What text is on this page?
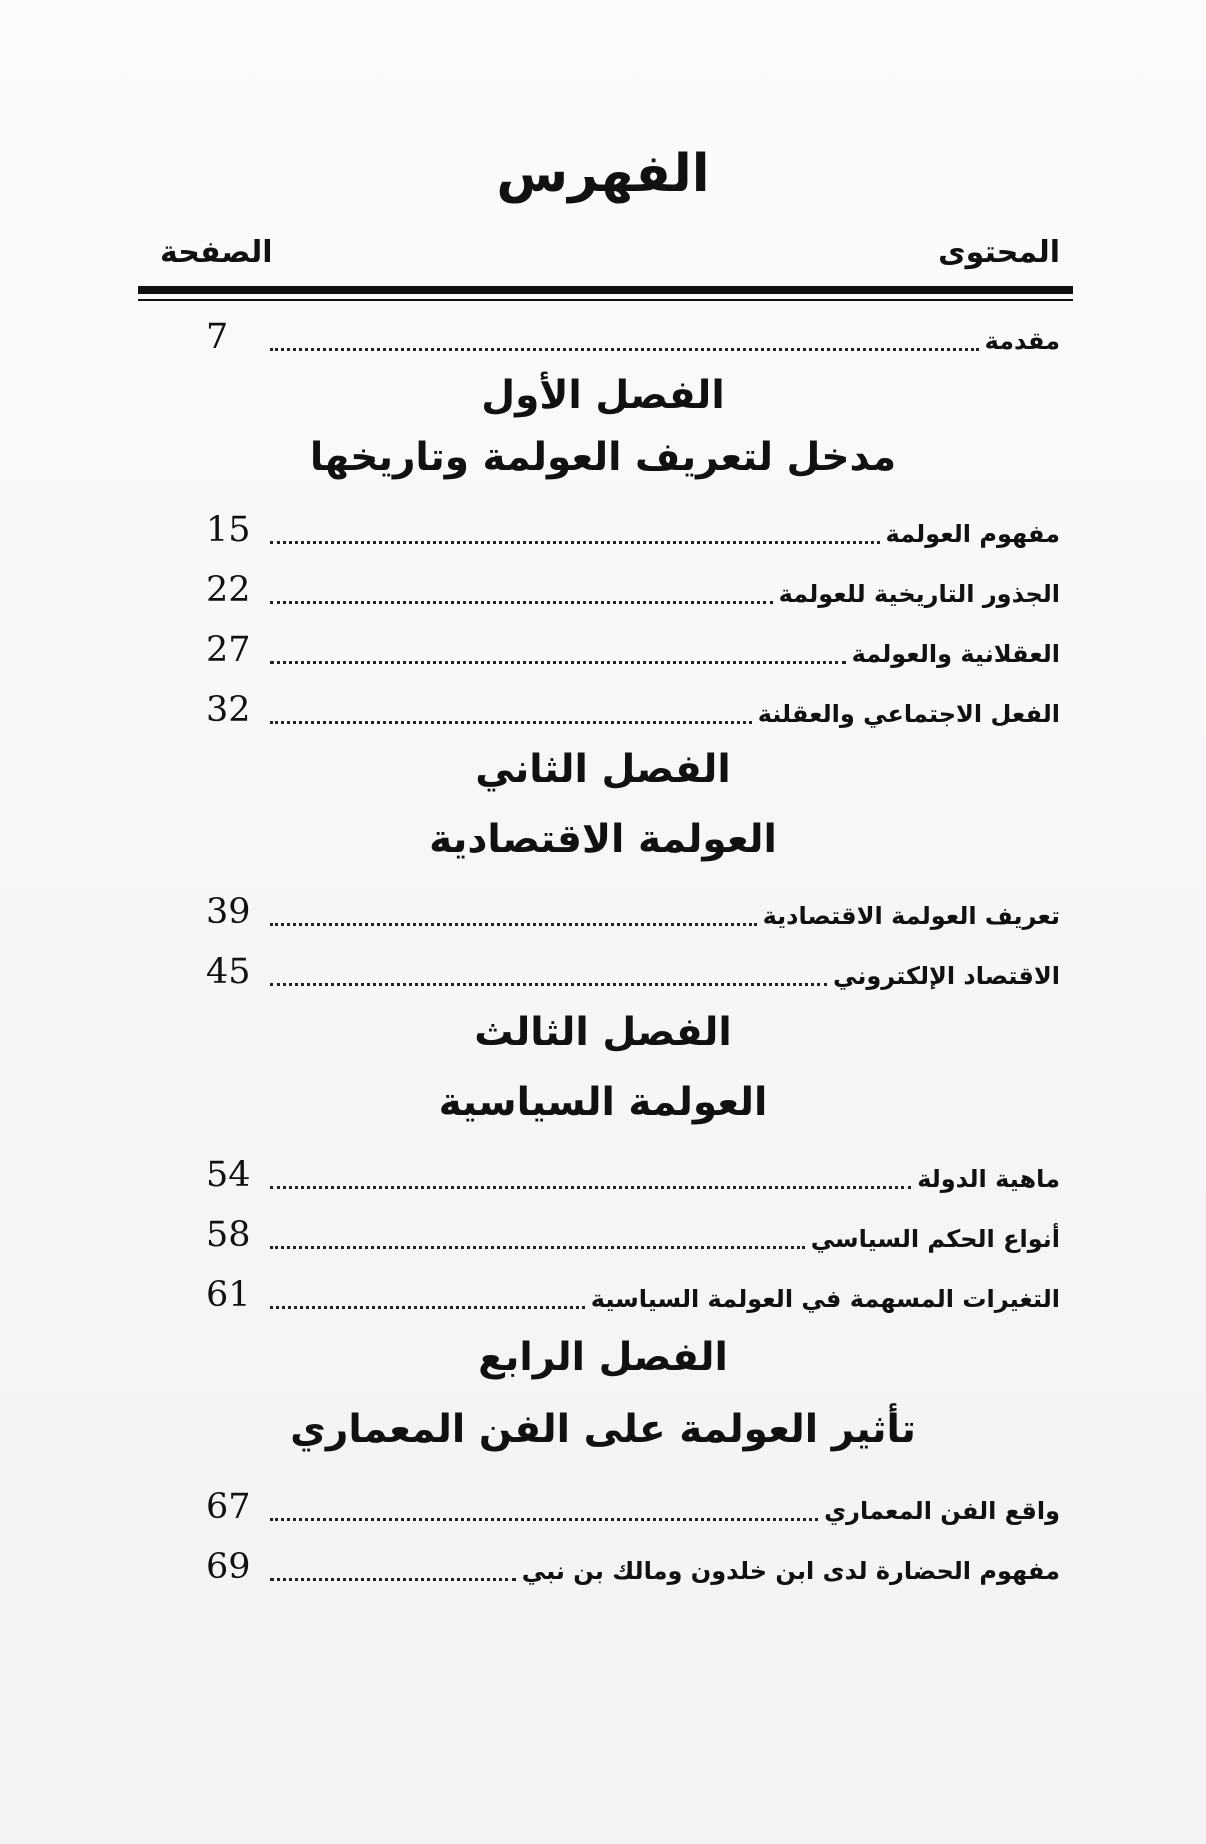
الفهرس
المحتوى
الصفحة
مقدمة
7
الفصل الأول
مدخل لتعريف العولمة وتاريخها
مفهوم العولمة
15
الجذور التاريخية للعولمة
22
العقلانية والعولمة
27
الفعل الاجتماعي والعقلنة
32
الفصل الثاني
العولمة الاقتصادية
تعريف العولمة الاقتصادية
39
الاقتصاد الإلكتروني
45
الفصل الثالث
العولمة السياسية
ماهية الدولة
54
أنواع الحكم السياسي
58
التغيرات المسهمة في العولمة السياسية
61
الفصل الرابع
تأثير العولمة على الفن المعماري
واقع الفن المعماري
67
مفهوم الحضارة لدى ابن خلدون ومالك بن نبي
69
